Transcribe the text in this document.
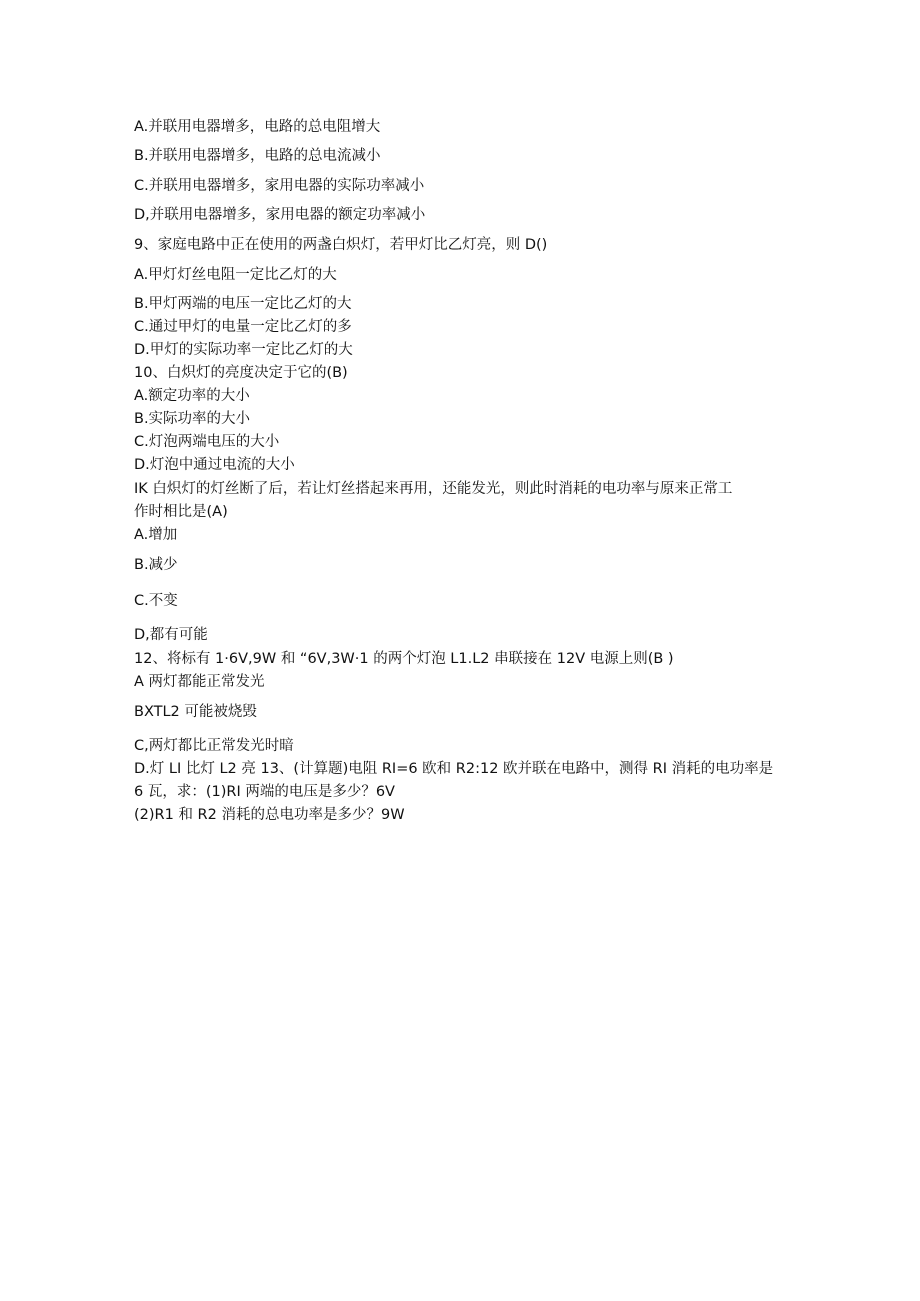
A.并联用电器增多，电路的总电阻增大
B.并联用电器增多，电路的总电流减小
C.并联用电器增多，家用电器的实际功率减小
D,并联用电器增多，家用电器的额定功率减小
9、家庭电路中正在使用的两盏白炽灯，若甲灯比乙灯亮，则 D()
A.甲灯灯丝电阻一定比乙灯的大
B.甲灯两端的电压一定比乙灯的大
C.通过甲灯的电量一定比乙灯的多
D.甲灯的实际功率一定比乙灯的大
10、白炽灯的亮度决定于它的(B)
A.额定功率的大小
B.实际功率的大小
C.灯泡两端电压的大小
D.灯泡中通过电流的大小
IK 白炽灯的灯丝断了后，若让灯丝搭起来再用，还能发光，则此时消耗的电功率与原来正常工
作时相比是(A)
A.增加
B.减少
C.不变
D,都有可能
12、将标有 1·6V,9W 和 “6V,3W·1 的两个灯泡 L1.L2 串联接在 12V 电源上则(B )
A 两灯都能正常发光
BXTL2 可能被烧毁
C,两灯都比正常发光时暗
D.灯 LI 比灯 L2 亮 13、(计算题)电阻 RI=6 欧和 R2:12 欧并联在电路中，测得 RI 消耗的电功率是
6 瓦，求：(1)RI 两端的电压是多少？6V
(2)R1 和 R2 消耗的总电功率是多少？9W
